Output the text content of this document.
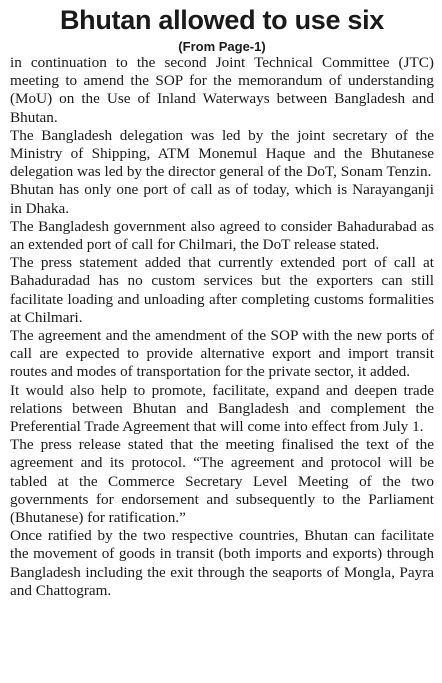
Bhutan allowed to use six
(From Page-1)

in continuation to the second Joint Technical Committee (JTC) meeting to amend the SOP for the memorandum of understanding (MoU) on the Use of Inland Waterways between Bangladesh and Bhutan.

The Bangladesh delegation was led by the joint secretary of the Ministry of Shipping, ATM Monemul Haque and the Bhutanese delegation was led by the director general of the DoT, Sonam Tenzin.

Bhutan has only one port of call as of today, which is Narayanganji in Dhaka.

The Bangladesh government also agreed to consider Bahadurabad as an extended port of call for Chilmari, the DoT release stated.

The press statement added that currently extended port of call at Bahaduradad has no custom services but the exporters can still facilitate loading and unloading after completing customs formalities at Chilmari.

The agreement and the amendment of the SOP with the new ports of call are expected to provide alternative export and import transit routes and modes of transportation for the private sector, it added.

It would also help to promote, facilitate, expand and deepen trade relations between Bhutan and Bangladesh and complement the Preferential Trade Agreement that will come into effect from July 1.

The press release stated that the meeting finalised the text of the agreement and its protocol. “The agreement and protocol will be tabled at the Commerce Secretary Level Meeting of the two governments for endorsement and subsequently to the Parliament (Bhutanese) for ratification.”

Once ratified by the two respective countries, Bhutan can facilitate the movement of goods in transit (both imports and exports) through Bangladesh including the exit through the seaports of Mongla, Payra and Chattogram.
